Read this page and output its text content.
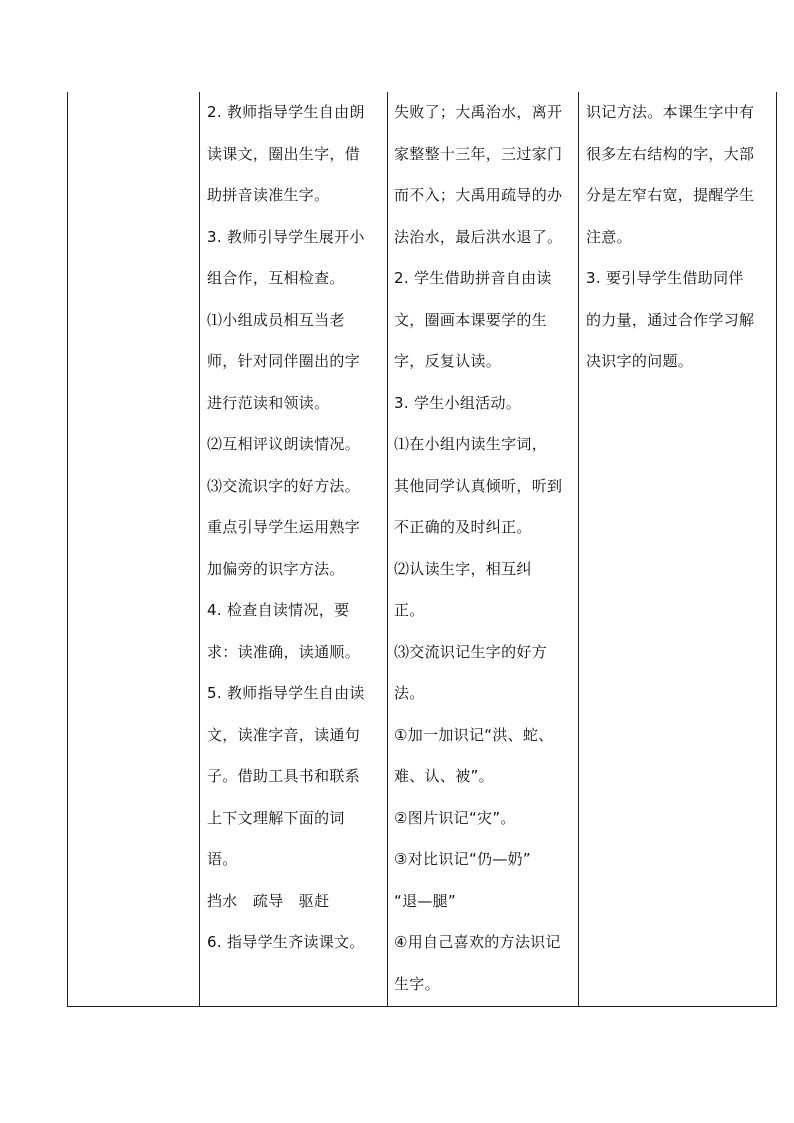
2. 教师指导学生自由朗
读课文，圈出生字，借
助拼音读准生字。
3. 教师引导学生展开小
组合作，互相检查。
⑴小组成员相互当老
师，针对同伴圈出的字
进行范读和领读。
⑵互相评议朗读情况。
⑶交流识字的好方法。
重点引导学生运用熟字
加偏旁的识字方法。
4. 检查自读情况，要
求：读准确，读通顺。
5. 教师指导学生自由读
文，读准字音，读通句
子。借助工具书和联系
上下文理解下面的词
语。
挡水　疏导　驱赶
6. 指导学生齐读课文。
失败了；大禹治水，离开
家整整十三年，三过家门
而不入；大禹用疏导的办
法治水，最后洪水退了。
2. 学生借助拼音自由读
文，圈画本课要学的生
字，反复认读。
3. 学生小组活动。
⑴在小组内读生字词，
其他同学认真倾听，听到
不正确的及时纠正。
⑵认读生字，相互纠
正。
⑶交流识记生字的好方
法。
①加一加识记“洪、蛇、
难、认、被”。
②图片识记“灾”。
③对比识记“仍—奶”
“退—腿”
④用自己喜欢的方法识记
生字。
识记方法。本课生字中有
很多左右结构的字，大部
分是左窄右宽，提醒学生
注意。
3. 要引导学生借助同伴
的力量，通过合作学习解
决识字的问题。
